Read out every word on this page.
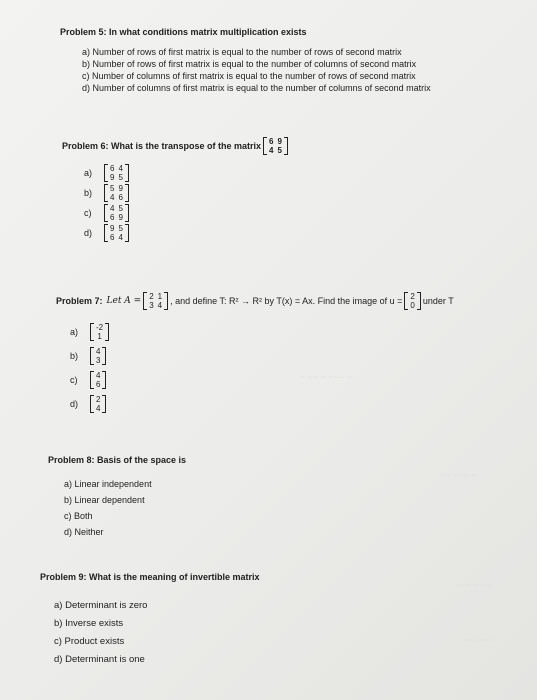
~ ~~ ~ ~~~ ~
~~ ~~~ ~
~~~ ~~ ~
~~ ~~~
Problem 5: In what conditions matrix multiplication exists
a) Number of rows of first matrix is equal to the number of rows of second matrix
b) Number of rows of first matrix is equal to the number of columns of second matrix
c) Number of columns of first matrix is equal to the number of rows of second matrix
d) Number of columns of first matrix is equal to the number of columns of second matrix
Problem 6: What is the transpose of the matrix 6	9
4	5
a)	6	4
9	5
b)	5	9
4	6
c)	4	5
6	9
d)	9	5
6	4
Problem 7: Let A = 2	1
3	4 , and define T: R² → R² by T(x) = Ax. Find the image of u = 2
0 under T
a)	-2
1
b)	4
3
c)	4
6
d)	2
4
Problem 8: Basis of the space is
a) Linear independent
b) Linear dependent
c) Both
d) Neither
Problem 9: What is the meaning of invertible matrix
a) Determinant is zero
b) Inverse exists
c) Product exists
d) Determinant is one
